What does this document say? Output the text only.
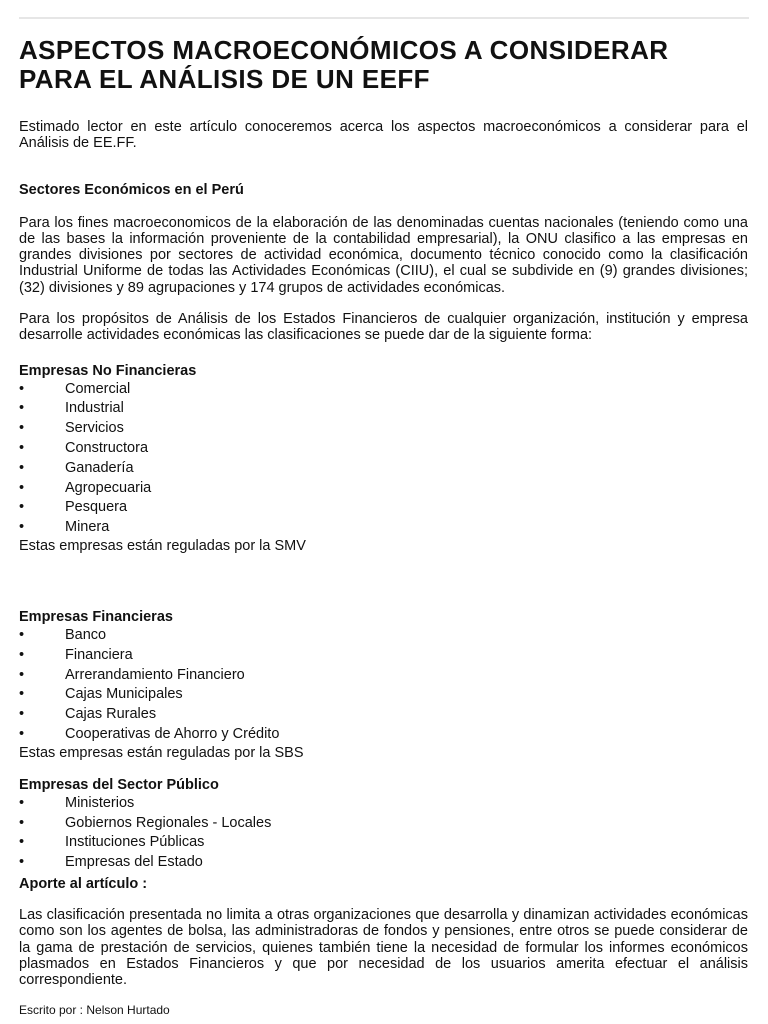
ASPECTOS MACROECONÓMICOS A CONSIDERAR PARA EL ANÁLISIS DE UN EEFF

Estimado lector en este artículo conoceremos acerca los aspectos macroeconómicos a considerar para el Análisis de EE.FF.

Sectores Económicos en el Perú

Para los fines macroeconomicos de la elaboración de las denominadas cuentas nacionales (teniendo como una de las bases la información proveniente de la contabilidad empresarial), la ONU clasifico a las empresas en grandes divisiones por sectores de actividad económica, documento técnico conocido como la clasificación Industrial Uniforme de todas las Actividades Económicas (CIIU), el cual se subdivide en (9) grandes divisiones; (32) divisiones y 89 agrupaciones y 174 grupos de actividades económicas.

Para los propósitos de Análisis de los Estados Financieros de cualquier organización, institución y empresa desarrolle actividades económicas las clasificaciones se puede dar de la siguiente forma:

Empresas No Financieras
•	Comercial
•	Industrial
•	Servicios
•	Constructora
•	Ganadería
•	Agropecuaria
•	Pesquera
•	Minera
Estas empresas están reguladas por la SMV
Empresas Financieras
•	Banco
•	Financiera
•	Arrerandamiento Financiero
•	Cajas Municipales
•	Cajas Rurales
•	Cooperativas de Ahorro y Crédito
Estas empresas están reguladas por la SBS
Empresas del Sector Público
•	Ministerios
•	Gobiernos Regionales - Locales
•	Instituciones Públicas
•	Empresas del Estado
Aporte al artículo :

Las clasificación presentada no limita a otras organizaciones que desarrolla y dinamizan actividades económicas como son los agentes de bolsa, las administradoras de fondos y pensiones, entre otros se puede considerar de la gama de prestación de servicios, quienes también tiene la necesidad de formular los informes económicos plasmados en Estados Financieros y que por necesidad de los usuarios amerita efectuar el análisis correspondiente.

Escrito por : Nelson Hurtado
